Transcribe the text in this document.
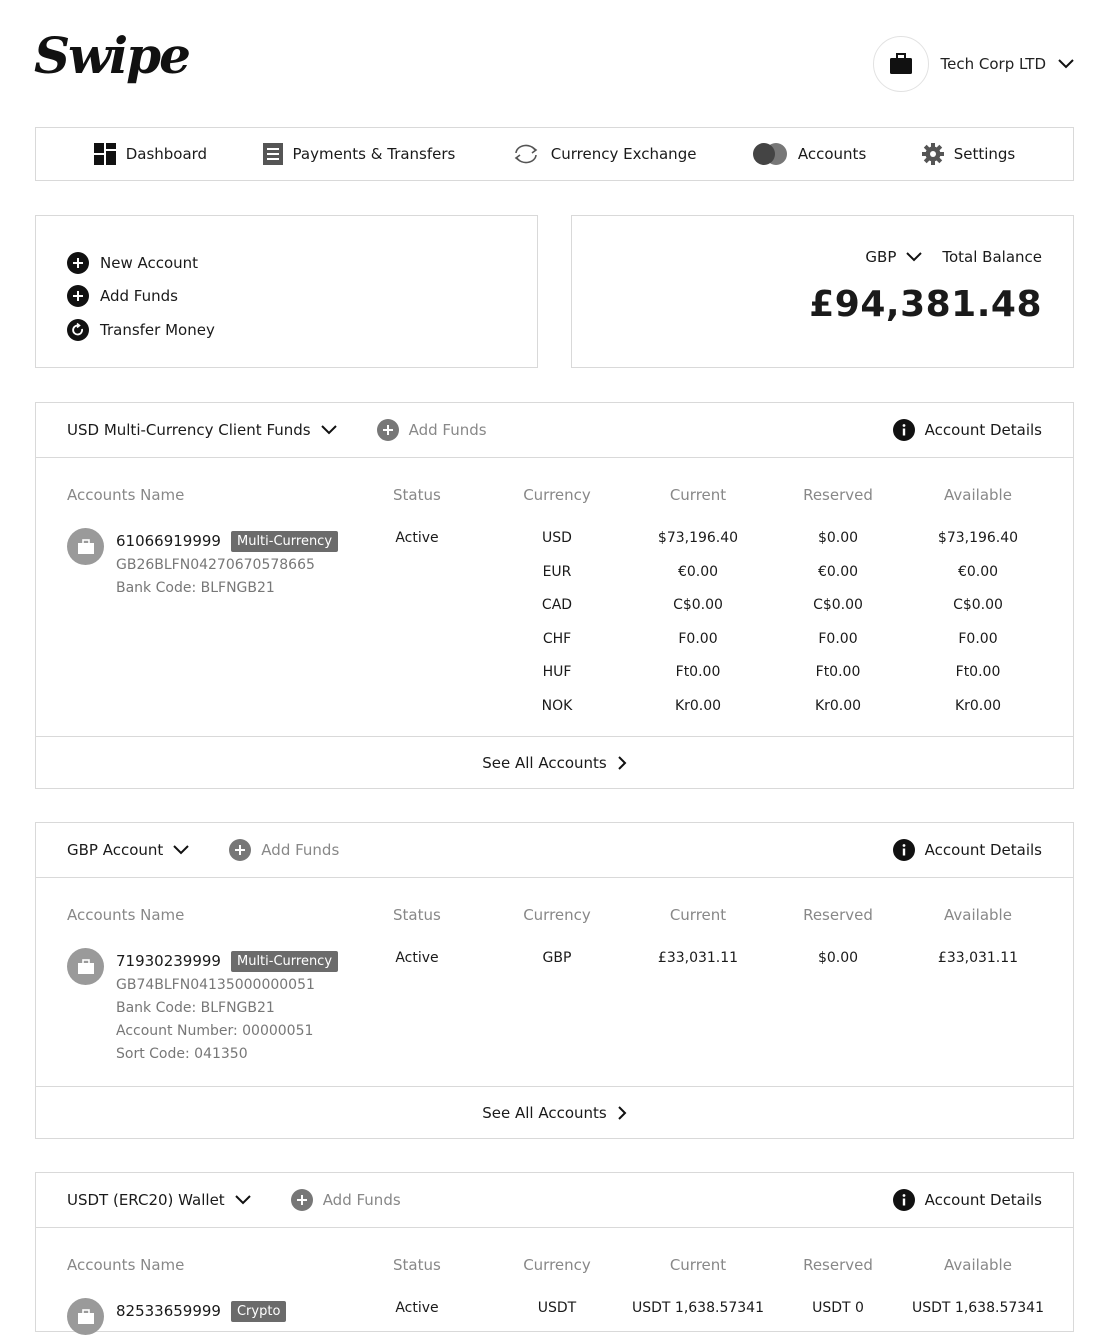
Swipe	Tech Corp LTD
Dashboard	Payments & Transfers	Currency Exchange	Accounts	Settings
New Account
Add Funds
Transfer Money
GBP	Total Balance
£94,381.48
USD Multi-Currency Client Funds	Add Funds	Account Details
Accounts Name	Status	Currency	Current	Reserved	Available
61066919999	Multi-Currency
GB26BLFN04270670578665
Bank Code: BLFNGB21
Active	USD	$73,196.40	$0.00	$73,196.40
EUR	€0.00	€0.00	€0.00
CAD	C$0.00	C$0.00	C$0.00
CHF	F0.00	F0.00	F0.00
HUF	Ft0.00	Ft0.00	Ft0.00
NOK	Kr0.00	Kr0.00	Kr0.00
See All Accounts
GBP Account	Add Funds	Account Details
Accounts Name	Status	Currency	Current	Reserved	Available
71930239999	Multi-Currency
GB74BLFN04135000000051
Bank Code: BLFNGB21
Account Number: 00000051
Sort Code: 041350
Active	GBP	£33,031.11	$0.00	£33,031.11
See All Accounts
USDT (ERC20) Wallet	Add Funds	Account Details
Accounts Name	Status	Currency	Current	Reserved	Available
82533659999	Crypto	Active	USDT	USDT 1,638.57341	USDT 0	USDT 1,638.57341
